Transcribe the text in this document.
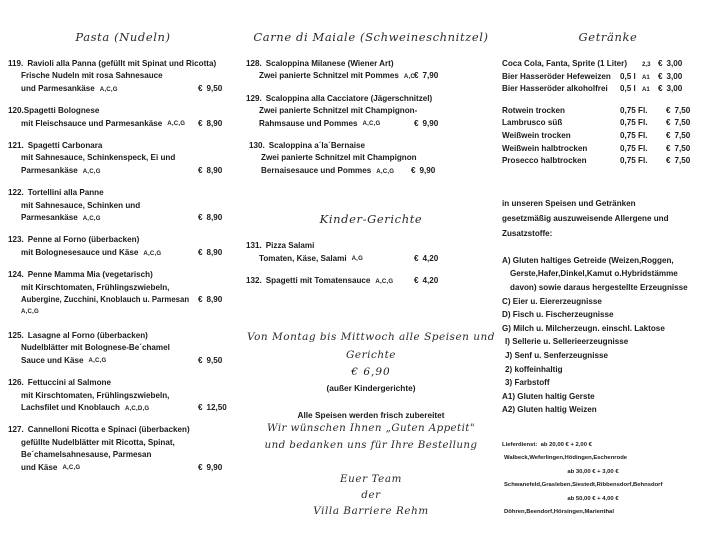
Pasta (Nudeln)
119. Ravioli alla Panna (gefüllt mit Spinat und Ricotta)
Frische Nudeln mit rosa Sahnesauce
und Parmesankäse A,C,G	€ 9,50
120. Spagetti Bolognese
mit Fleischsauce und Parmesankäse A,C,G € 8,90
121. Spagetti Carbonara
mit Sahnesauce, Schinkenspeck, Ei und
Parmesankäse A,C,G	€ 8,90
122. Tortellini alla Panne
mit Sahnesauce, Schinken und
Parmesankäse A,C,G	€ 8,90
123. Penne al Forno (überbacken)
mit Bolognesesauce und Käse A,C,G	€ 8,90
124. Penne Mamma Mia (vegetarisch)
mit Kirschtomaten, Frühlingszwiebeln,
Aubergine, Zucchini, Knoblauch u. Parmesan € 8,90
A,C,G
125. Lasagne al Forno (überbacken)
Nudelblätter mit Bolognese-Be´chamel
Sauce und Käse A,C,G	€ 9,50
126. Fettuccini al Salmone
mit Kirschtomaten, Frühlingszwiebeln,
Lachsfilet und Knoblauch A,C,D,G	€ 12,50
127. Cannelloni Ricotta e Spinaci (überbacken)
gefüllte Nudelblätter mit Ricotta, Spinat,
Be´chamelsahnesause, Parmesan
und Käse A,C,G	€ 9,90
Carne di Maiale (Schweineschnitzel)
128. Scaloppina Milanese (Wiener Art)
Zwei panierte Schnitzel mit Pommes A,C € 7,90
129. Scaloppina alla Cacciatore (Jägerschnitzel)
Zwei panierte Schnitzel mit Champignon-
Rahmsause und Pommes A,C,G	€ 9,90
130. Scaloppina a´la´Bernaise
Zwei panierte Schnitzel mit Champignon
Bernaisesauce und Pommes A,C,G € 9,90
Kinder-Gerichte
131. Pizza Salami
Tomaten, Käse, Salami A,G	€ 4,20
132. Spagetti mit Tomatensauce A,C,G	€ 4,20
Von Montag bis Mittwoch alle Speisen und Gerichte
€ 6,90
(außer Kindergerichte)
Alle Speisen werden frisch zubereitet
Wir wünschen Ihnen „Guten Appetit"
und bedanken uns für Ihre Bestellung
Euer Team
der
Villa Barriere Rehm
Getränke
Coca Cola, Fanta, Sprite (1 Liter) 2,3 € 3,00
Bier Hasseröder Hefeweizen	0,5 l	A1	€ 3,00
Bier Hasseröder alkoholfrei	0,5 l	A1	€ 3,00
Rotwein trocken	0,75 Fl.	€ 7,50
Lambrusco süß	0,75 Fl.	€ 7,50
Weißwein trocken	0,75 Fl.	€ 7,50
Weißwein halbtrocken	0,75 Fl.	€ 7,50
Prosecco halbtrocken	0,75 Fl.	€ 7,50
in unseren Speisen und Getränken
gesetzmäßig auszuweisende Allergene und
Zusatzstoffe:
A) Gluten haltiges Getreide (Weizen,Roggen,
Gerste,Hafer,Dinkel,Kamut o.Hybridstämme
davon) sowie daraus hergestellte Erzeugnisse
C) Eier u. Eiererzeugnisse
D) Fisch u. Fischerzeugnisse
G) Milch u. Milcherzeugn. einschl. Laktose
I) Sellerie u. Sellerieerzeugnisse
J) Senf u. Senferzeugnisse
2) koffeinhaltig
3) Farbstoff
A1) Gluten haltig Gerste
A2) Gluten haltig Weizen
Lieferdienst: ab 20,00 € + 2,00 €
Walbeck,Weferlingen,Hödingen,Eschenrode
ab 30,00 € + 3,00 €
Schwanefeld,Grasleben,Siestedt,Ribbensdorf,Behnsdorf
ab 50,00 € + 4,00 €
Döhren,Beendorf,Hörsingen,Marienthal
